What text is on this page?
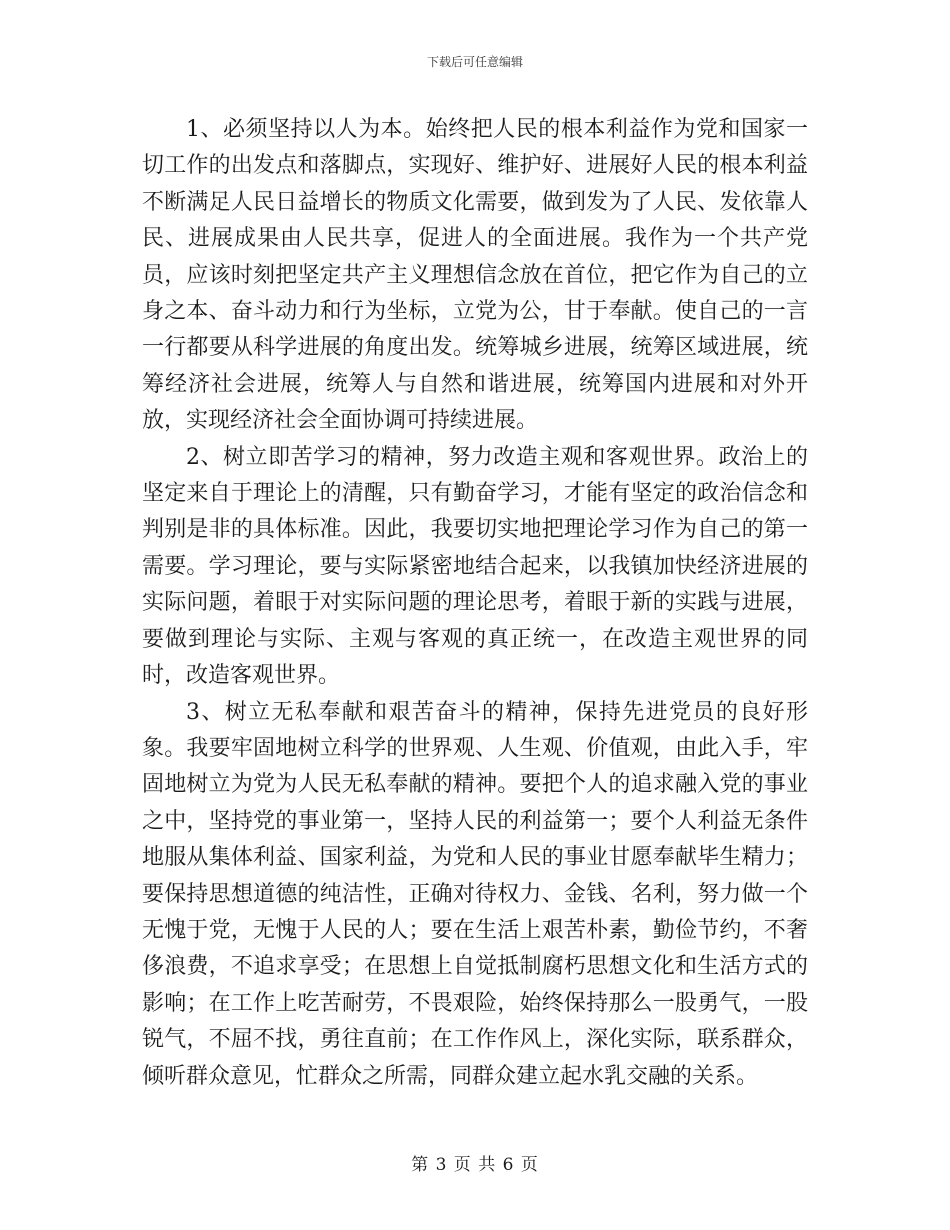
下载后可任意编辑

1、必须坚持以人为本。始终把人民的根本利益作为党和国家一切工作的出发点和落脚点，实现好、维护好、进展好人民的根本利益不断满足人民日益增长的物质文化需要，做到发为了人民、发依靠人民、进展成果由人民共享，促进人的全面进展。我作为一个共产党员，应该时刻把坚定共产主义理想信念放在首位，把它作为自己的立身之本、奋斗动力和行为坐标，立党为公，甘于奉献。使自己的一言一行都要从科学进展的角度出发。统筹城乡进展，统筹区域进展，统筹经济社会进展，统筹人与自然和谐进展，统筹国内进展和对外开放，实现经济社会全面协调可持续进展。

2、树立即苦学习的精神，努力改造主观和客观世界。政治上的坚定来自于理论上的清醒，只有勤奋学习，才能有坚定的政治信念和判别是非的具体标准。因此，我要切实地把理论学习作为自己的第一需要。学习理论，要与实际紧密地结合起来，以我镇加快经济进展的实际问题，着眼于对实际问题的理论思考，着眼于新的实践与进展，要做到理论与实际、主观与客观的真正统一，在改造主观世界的同时，改造客观世界。

3、树立无私奉献和艰苦奋斗的精神，保持先进党员的良好形象。我要牢固地树立科学的世界观、人生观、价值观，由此入手，牢固地树立为党为人民无私奉献的精神。要把个人的追求融入党的事业之中，坚持党的事业第一，坚持人民的利益第一；要个人利益无条件地服从集体利益、国家利益，为党和人民的事业甘愿奉献毕生精力；要保持思想道德的纯洁性，正确对待权力、金钱、名利，努力做一个无愧于党，无愧于人民的人；要在生活上艰苦朴素，勤俭节约，不奢侈浪费，不追求享受；在思想上自觉抵制腐朽思想文化和生活方式的影响；在工作上吃苦耐劳，不畏艰险，始终保持那么一股勇气，一股锐气，不屈不找，勇往直前；在工作作风上，深化实际，联系群众，倾听群众意见，忙群众之所需，同群众建立起水乳交融的关系。

第 3 页 共 6 页
